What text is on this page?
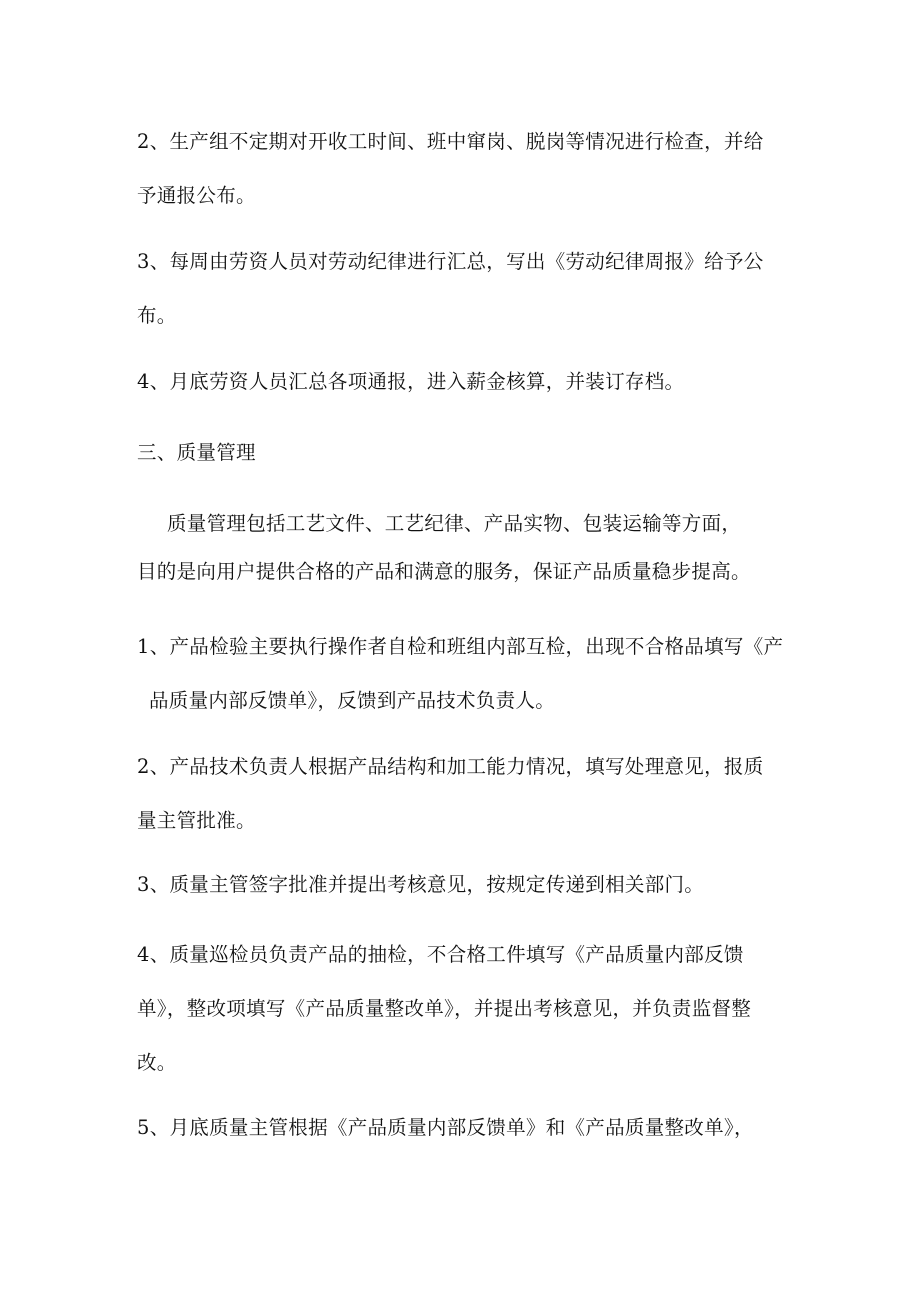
2、生产组不定期对开收工时间、班中窜岗、脱岗等情况进行检查，并给
予通报公布。

3、每周由劳资人员对劳动纪律进行汇总，写出《劳动纪律周报》给予公
布。

4、月底劳资人员汇总各项通报，进入薪金核算，并装订存档。

三、质量管理

质量管理包括工艺文件、工艺纪律、产品实物、包装运输等方面，
目的是向用户提供合格的产品和满意的服务，保证产品质量稳步提高。

1、产品检验主要执行操作者自检和班组内部互检，出现不合格品填写《产
品质量内部反馈单》，反馈到产品技术负责人。

2、产品技术负责人根据产品结构和加工能力情况，填写处理意见，报质
量主管批准。

3、质量主管签字批准并提出考核意见，按规定传递到相关部门。

4、质量巡检员负责产品的抽检，不合格工件填写《产品质量内部反馈
单》，整改项填写《产品质量整改单》，并提出考核意见，并负责监督整
改。

5、月底质量主管根据《产品质量内部反馈单》和《产品质量整改单》，
